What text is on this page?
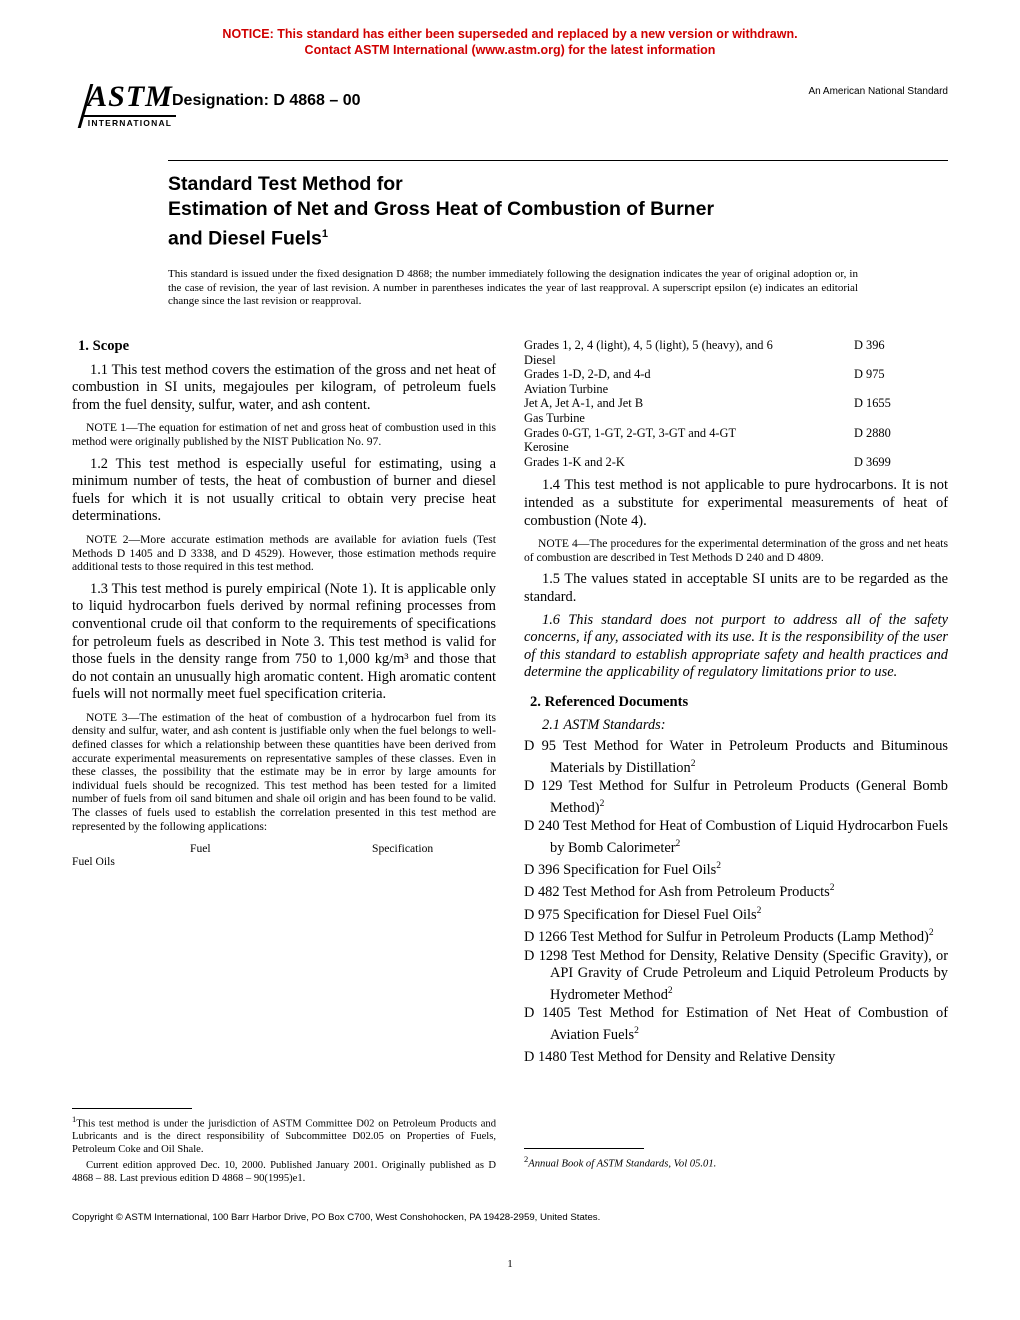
NOTICE: This standard has either been superseded and replaced by a new version or withdrawn.
Contact ASTM International (www.astm.org) for the latest information
ASTM
INTERNATIONAL
Designation: D 4868 – 00
An American National Standard
Standard Test Method for
Estimation of Net and Gross Heat of Combustion of Burner
and Diesel Fuels$^1$
This standard is issued under the fixed designation D 4868; the number immediately following the designation indicates the year of original adoption or, in the case of revision, the year of last revision. A number in parentheses indicates the year of last reapproval. A superscript epsilon (e) indicates an editorial change since the last revision or reapproval.
1. Scope

1.1 This test method covers the estimation of the gross and net heat of combustion in SI units, megajoules per kilogram, of petroleum fuels from the fuel density, sulfur, water, and ash content.

NOTE 1—The equation for estimation of net and gross heat of combustion used in this method were originally published by the NIST Publication No. 97.

1.2 This test method is especially useful for estimating, using a minimum number of tests, the heat of combustion of burner and diesel fuels for which it is not usually critical to obtain very precise heat determinations.

NOTE 2—More accurate estimation methods are available for aviation fuels (Test Methods D 1405 and D 3338, and D 4529). However, those estimation methods require additional tests to those required in this test method.

1.3 This test method is purely empirical (Note 1). It is applicable only to liquid hydrocarbon fuels derived by normal refining processes from conventional crude oil that conform to the requirements of specifications for petroleum fuels as described in Note 3. This test method is valid for those fuels in the density range from 750 to 1,000 kg/m³ and those that do not contain an unusually high aromatic content. High aromatic content fuels will not normally meet fuel specification criteria.

NOTE 3—The estimation of the heat of combustion of a hydrocarbon fuel from its density and sulfur, water, and ash content is justifiable only when the fuel belongs to well-defined classes for which a relationship between these quantities have been derived from accurate experimental measurements on representative samples of these classes. Even in these classes, the possibility that the estimate may be in error by large amounts for individual fuels should be recognized. This test method has been tested for a limited number of fuels from oil sand bitumen and shale oil origin and has been found to be valid. The classes of fuels used to establish the correlation presented in this test method are represented by the following applications:

Fuel	Specification
Fuel Oils
Grades 1, 2, 4 (light), 4, 5 (light), 5 (heavy), and 6	D 396
Diesel
Grades 1-D, 2-D, and 4-d	D 975
Aviation Turbine
Jet A, Jet A-1, and Jet B	D 1655
Gas Turbine
Grades 0-GT, 1-GT, 2-GT, 3-GT and 4-GT	D 2880
Kerosine
Grades 1-K and 2-K	D 3699

1.4 This test method is not applicable to pure hydrocarbons. It is not intended as a substitute for experimental measurements of heat of combustion (Note 4).

NOTE 4—The procedures for the experimental determination of the gross and net heats of combustion are described in Test Methods D 240 and D 4809.

1.5 The values stated in acceptable SI units are to be regarded as the standard.

1.6 This standard does not purport to address all of the safety concerns, if any, associated with its use. It is the responsibility of the user of this standard to establish appropriate safety and health practices and determine the applicability of regulatory limitations prior to use.

2. Referenced Documents

2.1 ASTM Standards:

D 95 Test Method for Water in Petroleum Products and Bituminous Materials by Distillation$^2$

D 129 Test Method for Sulfur in Petroleum Products (General Bomb Method)$^2$

D 240 Test Method for Heat of Combustion of Liquid Hydrocarbon Fuels by Bomb Calorimeter$^2$

D 396 Specification for Fuel Oils$^2$

D 482 Test Method for Ash from Petroleum Products$^2$

D 975 Specification for Diesel Fuel Oils$^2$

D 1266 Test Method for Sulfur in Petroleum Products (Lamp Method)$^2$

D 1298 Test Method for Density, Relative Density (Specific Gravity), or API Gravity of Crude Petroleum and Liquid Petroleum Products by Hydrometer Method$^2$

D 1405 Test Method for Estimation of Net Heat of Combustion of Aviation Fuels$^2$

D 1480 Test Method for Density and Relative Density

$^1$This test method is under the jurisdiction of ASTM Committee D02 on Petroleum Products and Lubricants and is the direct responsibility of Subcommittee D02.05 on Properties of Fuels, Petroleum Coke and Oil Shale.

Current edition approved Dec. 10, 2000. Published January 2001. Originally published as D 4868 – 88. Last previous edition D 4868 – 90(1995)e1.

$^2$Annual Book of ASTM Standards, Vol 05.01.

Copyright © ASTM International, 100 Barr Harbor Drive, PO Box C700, West Conshohocken, PA 19428-2959, United States.
1
